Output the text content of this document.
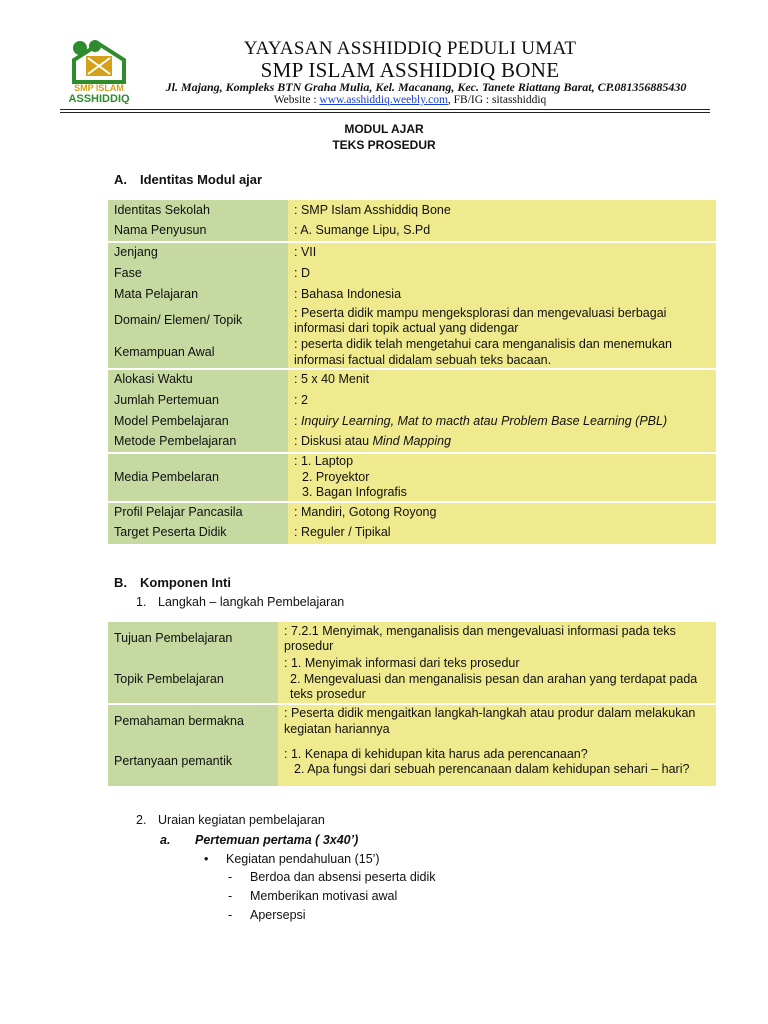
SMP ISLAM
ASSHIDDIQ
YAYASAN ASSHIDDIQ PEDULI UMAT
SMP ISLAM ASSHIDDIQ BONE
Jl. Majang, Kompleks BTN Graha Mulia, Kel. Macanang, Kec. Tanete Riattang Barat, CP.081356885430
Website : www.asshiddiq.weebly.com, FB/IG : sitasshiddiq
MODUL AJAR
TEKS PROSEDUR
A. Identitas Modul ajar
Identitas Sekolah	: SMP Islam Asshiddiq Bone
Nama Penyusun	: A. Sumange Lipu, S.Pd
Jenjang	: VII
Fase	: D
Mata Pelajaran	: Bahasa Indonesia
Domain/ Elemen/ Topik	: Peserta didik mampu mengeksplorasi dan mengevaluasi berbagai informasi dari topik actual yang didengar
Kemampuan Awal	: peserta didik telah mengetahui cara menganalisis dan menemukan informasi factual didalam sebuah teks bacaan.
Alokasi Waktu	: 5 x 40 Menit
Jumlah Pertemuan	: 2
Model Pembelajaran	: Inquiry Learning, Mat to macth atau Problem Base Learning (PBL)
Metode Pembelajaran	: Diskusi atau Mind Mapping
Media Pembelaran	: 1. Laptop
2. Proyektor
3. Bagan Infografis

Profil Pelajar Pancasila	: Mandiri, Gotong Royong
Target Peserta Didik	: Reguler / Tipikal
B. Komponen Inti
1. Langkah – langkah Pembelajaran
Tujuan Pembelajaran	: 7.2.1 Menyimak, menganalisis dan mengevaluasi informasi pada teks prosedur
Topik Pembelajaran	: 1. Menyimak informasi dari teks prosedur
2. Mengevaluasi dan menganalisis pesan dan arahan yang terdapat pada teks prosedur

Pemahaman bermakna	: Peserta didik mengaitkan langkah-langkah atau produr dalam melakukan kegiatan hariannya
Pertanyaan pemantik	: 1. Kenapa di kehidupan kita harus ada perencanaan?
2. Apa fungsi dari sebuah perencanaan dalam kehidupan sehari – hari?
2. Uraian kegiatan pembelajaran
a. Pertemuan pertama ( 3x40’)
• Kegiatan pendahuluan (15’)
- Berdoa dan absensi peserta didik
- Memberikan motivasi awal
- Apersepsi
